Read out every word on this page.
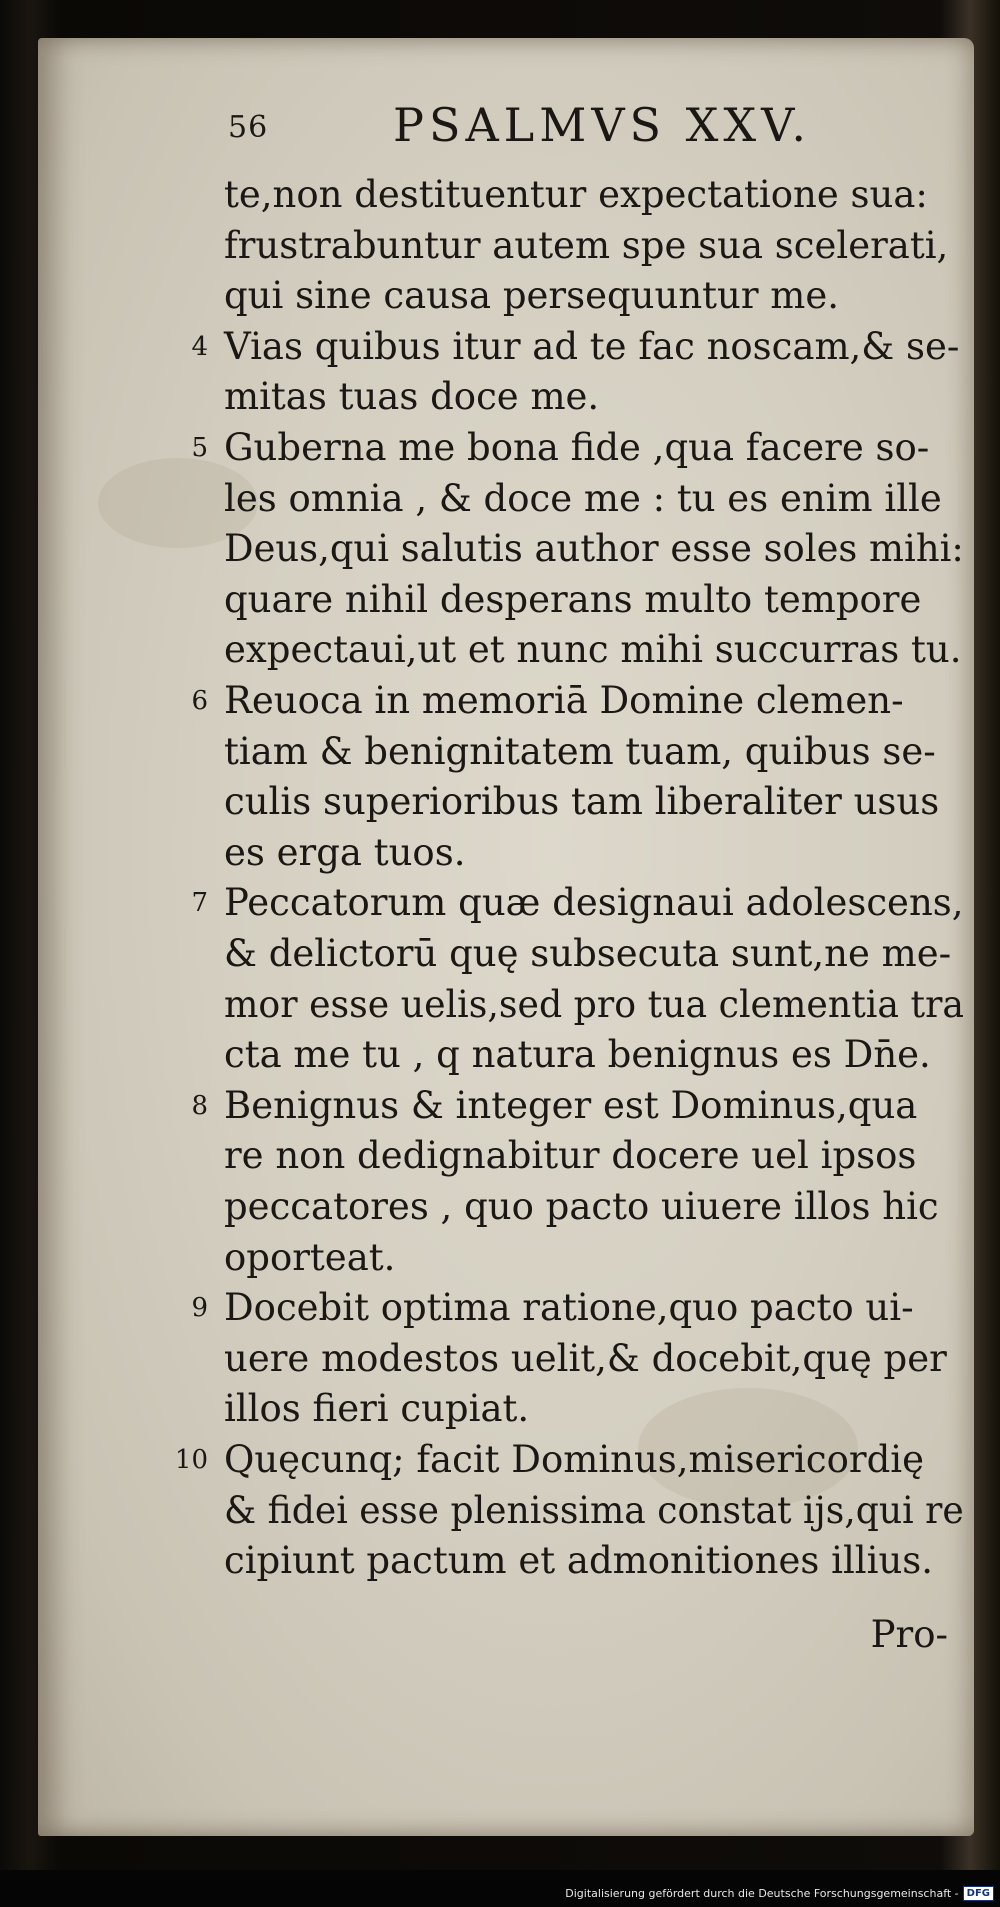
56	PSALMVS XXV.
te,non destituentur expectatione sua:
frustrabuntur autem spe sua scelerati,
qui sine causa persequuntur me.
4 Vias quibus itur ad te fac noscam,& se-
mitas tuas doce me.
5 Guberna me bona fide ,qua facere so-
les omnia , & doce me : tu es enim ille
Deus,qui salutis author esse soles mihi:
quare nihil desperans multo tempore
expectaui,ut et nunc mihi succurras tu.
6 Reuoca in memoriā Domine clemen-
tiam & benignitatem tuam, quibus se-
culis superioribus tam liberaliter usus
es erga tuos.
7 Peccatorum quæ designaui adolescens,
& delictorū quę subsecuta sunt,ne me-
mor esse uelis,sed pro tua clementia tra
cta me tu , q natura benignus es Dn̄e.
8 Benignus & integer est Dominus,qua
re non dedignabitur docere uel ipsos
peccatores , quo pacto uiuere illos hic
oporteat.
9 Docebit optima ratione,quo pacto ui-
uere modestos uelit,& docebit,quę per
illos fieri cupiat.
10 Quęcunq; facit Dominus,misericordię
& fidei esse plenissima constat ijs,qui re
cipiunt pactum et admonitiones illius.
Pro-
Digitalisierung gefördert durch die Deutsche Forschungsgemeinschaft - DFG
